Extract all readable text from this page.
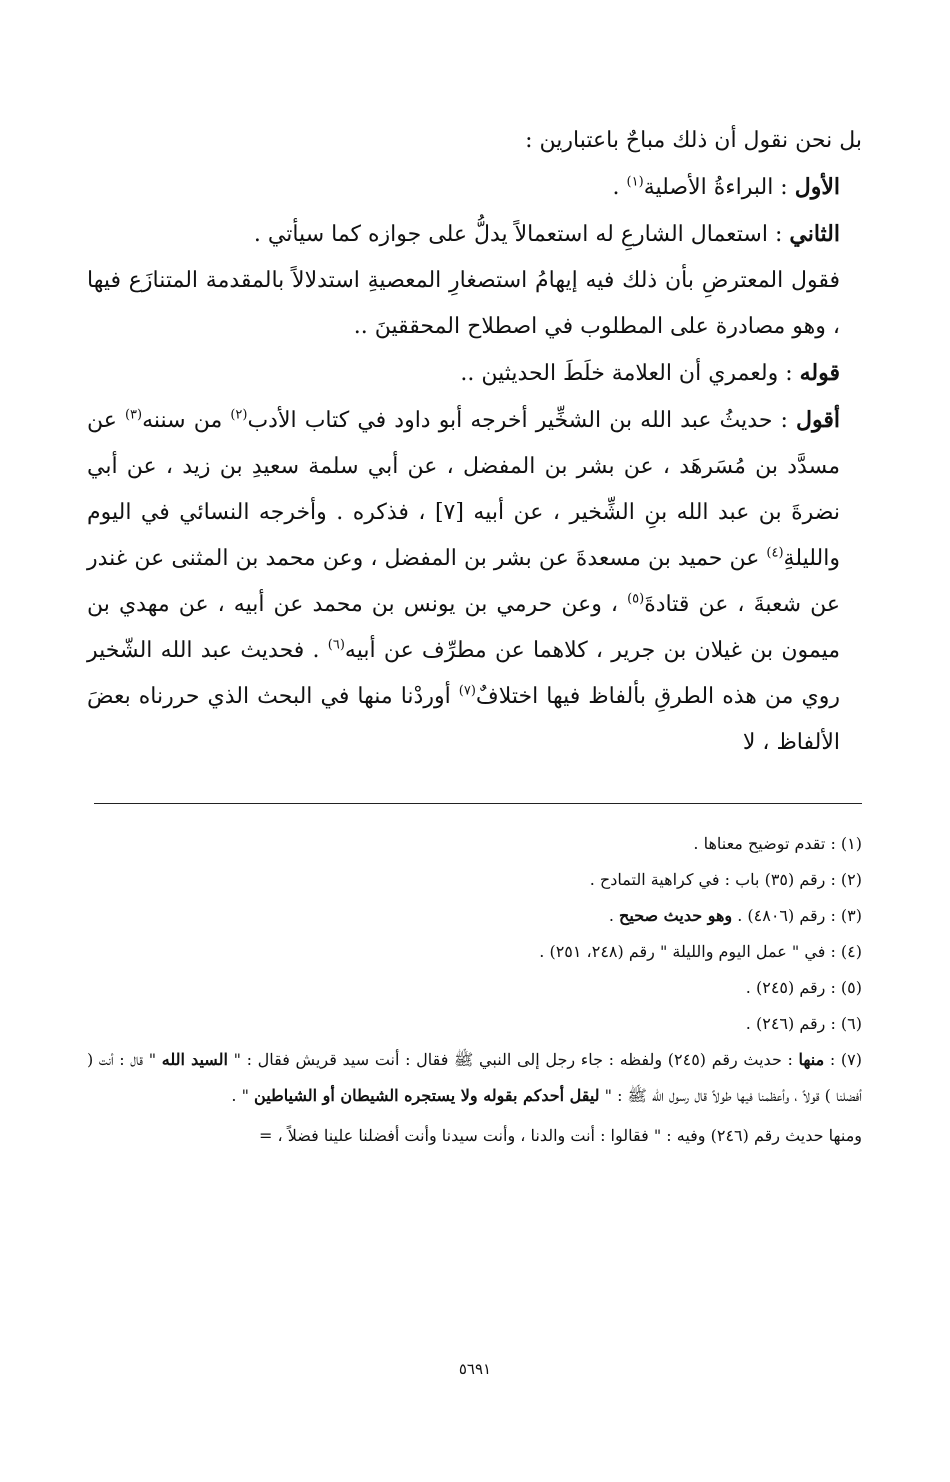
بل نحن نقول أن ذلك مباحٌ باعتبارين :

الأول : البراءةُ الأصلية$^{(١)}$ .

الثاني : استعمال الشارعِ له استعمالاً يدلُّ على جوازه كما سيأتي .

فقول المعترضِ بأن ذلك فيه إيهامُ استصغارِ المعصيةِ استدلالاً بالمقدمة المتنازَع فيها ، وهو مصادرة على المطلوب في اصطلاح المحققينَ ..

قوله : ولعمري أن العلامة خلَطَ الحديثين ..

أقول : حديثُ عبد الله بن الشخِّير أخرجه أبو داود في كتاب الأدب$^{(٢)}$ من سننه$^{(٣)}$ عن مسدَّد بن مُسَرهَد ، عن بشر بن المفضل ، عن أبي سلمة سعيدِ بن زيد ، عن أبي نضرةَ بن عبد الله بنِ الشِّخير ، عن أبيه [٧] ، فذكره . وأخرجه النسائي في اليوم والليلةِ$^{(٤)}$ عن حميد بن مسعدةَ عن بشر بن المفضل ، وعن محمد بن المثنى عن غندر عن شعبةَ ، عن قتادةَ$^{(٥)}$ ، وعن حرمي بن يونس بن محمد عن أبيه ، عن مهدي بن ميمون بن غيلان بن جرير ، كلاهما عن مطرِّف عن أبيه$^{(٦)}$ . فحديث عبد الله الشّخير روي من هذه الطرقِ بألفاظ فيها اختلافٌ$^{(٧)}$ أوردْنا منها في البحث الذي حررناه بعضَ الألفاظ ، لا

(١) : تقدم توضيح معناها .

(٢) : رقم (٣٥) باب : في كراهية التمادح .

(٣) : رقم (٤٨٠٦) . وهو حديث صحيح .

(٤) : في " عمل اليوم والليلة " رقم (٢٤٨، ٢٥١) .

(٥) : رقم (٢٤٥) .

(٦) : رقم (٢٤٦) .

(٧) : منها : حديث رقم (٢٤٥) ولفظه : جاء رجل إلى النبي ﷺ فقال : أنت سيد قريش فقال : " السيد الله " قال : أنت ( أفضلنا ) قولاً ، وأعظمنا فيها طولاً قال رسول الله ﷺ : " ليقل أحدكم بقوله ولا يستجره الشيطان أو الشياطين " .

ومنها حديث رقم (٢٤٦) وفيه : " فقالوا : أنت والدنا ، وأنت سيدنا وأنت أفضلنا علينا فضلاً ، =

٥٦٩١
